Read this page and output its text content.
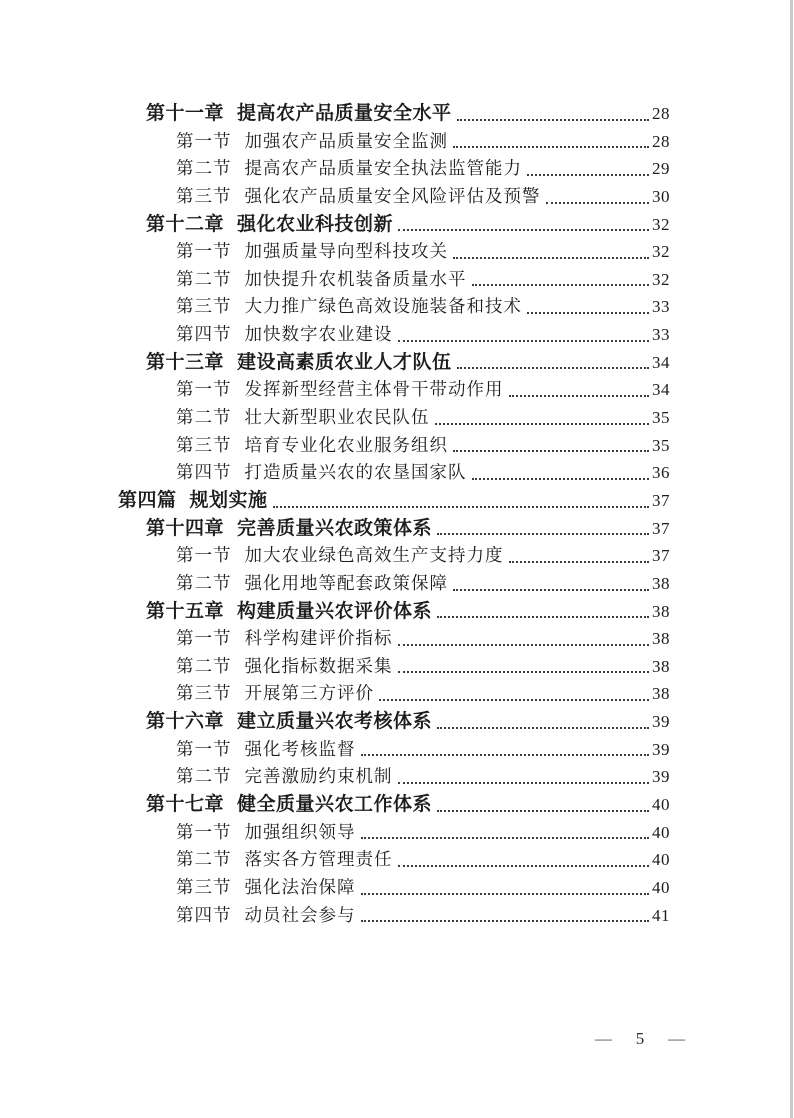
第十一章 提高农产品质量安全水平	28
第一节 加强农产品质量安全监测	28
第二节 提高农产品质量安全执法监管能力	29
第三节 强化农产品质量安全风险评估及预警	30
第十二章 强化农业科技创新	32
第一节 加强质量导向型科技攻关	32
第二节 加快提升农机装备质量水平	32
第三节 大力推广绿色高效设施装备和技术	33
第四节 加快数字农业建设	33
第十三章 建设高素质农业人才队伍	34
第一节 发挥新型经营主体骨干带动作用	34
第二节 壮大新型职业农民队伍	35
第三节 培育专业化农业服务组织	35
第四节 打造质量兴农的农垦国家队	36
第四篇 规划实施	37
第十四章 完善质量兴农政策体系	37
第一节 加大农业绿色高效生产支持力度	37
第二节 强化用地等配套政策保障	38
第十五章 构建质量兴农评价体系	38
第一节 科学构建评价指标	38
第二节 强化指标数据采集	38
第三节 开展第三方评价	38
第十六章 建立质量兴农考核体系	39
第一节 强化考核监督	39
第二节 完善激励约束机制	39
第十七章 健全质量兴农工作体系	40
第一节 加强组织领导	40
第二节 落实各方管理责任	40
第三节 强化法治保障	40
第四节 动员社会参与	41
— 5 —
